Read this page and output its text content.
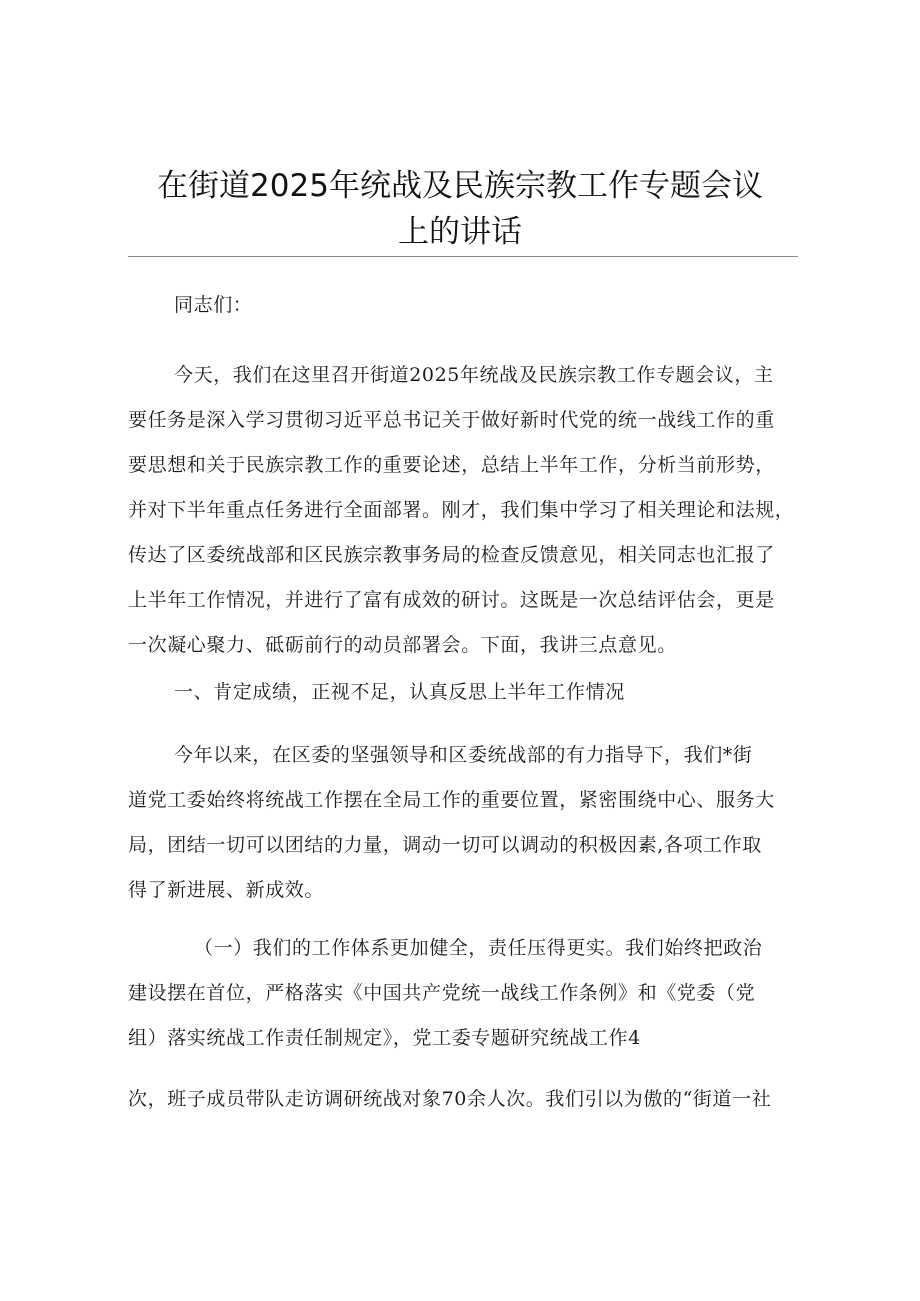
在街道2025年统战及民族宗教工作专题会议
上的讲话

同志们：

今天，我们在这里召开街道2025年统战及民族宗教工作专题会议，主
要任务是深入学习贯彻习近平总书记关于做好新时代党的统一战线工作的重
要思想和关于民族宗教工作的重要论述，总结上半年工作，分析当前形势，
并对下半年重点任务进行全面部署。刚才，我们集中学习了相关理论和法规，
传达了区委统战部和区民族宗教事务局的检查反馈意见，相关同志也汇报了
上半年工作情况，并进行了富有成效的研讨。这既是一次总结评估会，更是
一次凝心聚力、砥砺前行的动员部署会。下面，我讲三点意见。

一、肯定成绩，正视不足，认真反思上半年工作情况

今年以来，在区委的坚强领导和区委统战部的有力指导下，我们*街
道党工委始终将统战工作摆在全局工作的重要位置，紧密围绕中心、服务大
局，团结一切可以团结的力量，调动一切可以调动的积极因素,各项工作取
得了新进展、新成效。

（一）我们的工作体系更加健全，责任压得更实。我们始终把政治
建设摆在首位，严格落实《中国共产党统一战线工作条例》和《党委（党
组）落实统战工作责任制规定》，党工委专题研究统战工作4

次，班子成员带队走访调研统战对象70余人次。我们引以为傲的“街道一社
